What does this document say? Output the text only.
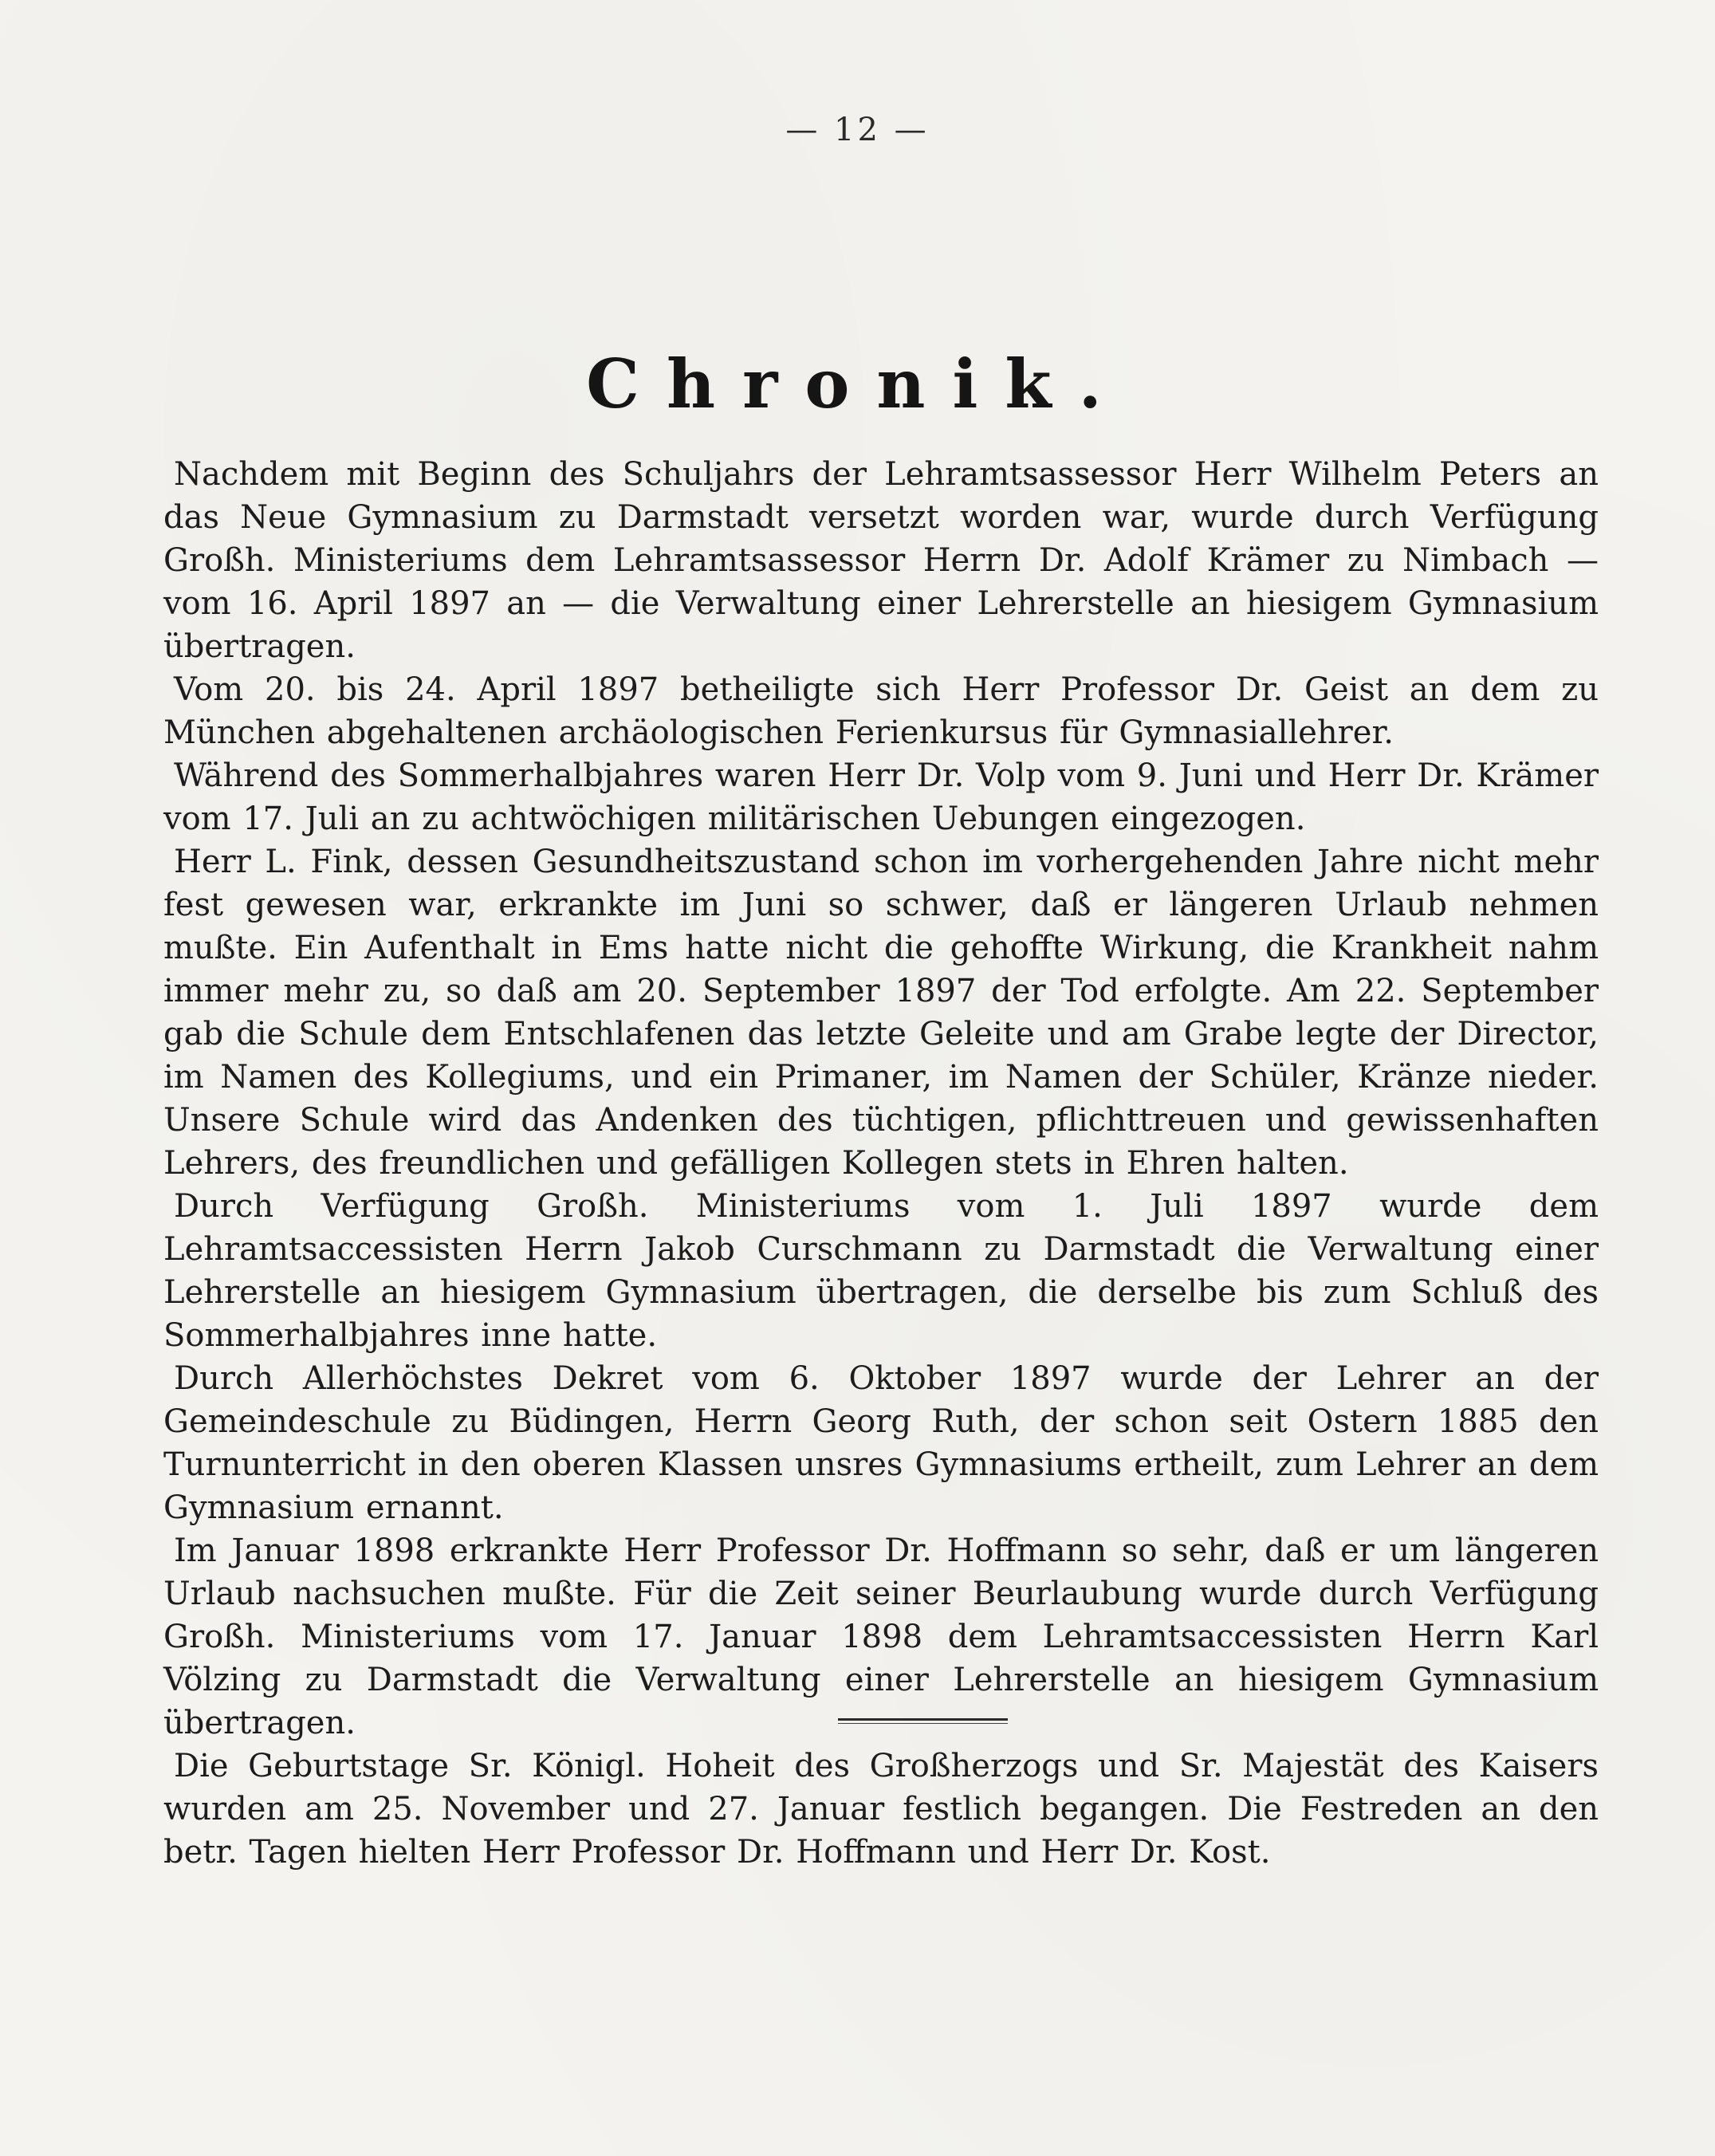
— 12 —
Chronik.

Nachdem mit Beginn des Schuljahrs der Lehramtsassessor Herr Wilhelm Peters an das Neue Gymnasium zu Darmstadt versetzt worden war, wurde durch Verfügung Großh. Ministeriums dem Lehramtsassessor Herrn Dr. Adolf Krämer zu Nimbach — vom 16. April 1897 an — die Verwaltung einer Lehrerstelle an hiesigem Gymnasium übertragen.

Vom 20. bis 24. April 1897 betheiligte sich Herr Professor Dr. Geist an dem zu München abgehaltenen archäologischen Ferienkursus für Gymnasiallehrer.

Während des Sommerhalbjahres waren Herr Dr. Volp vom 9. Juni und Herr Dr. Krämer vom 17. Juli an zu achtwöchigen militärischen Uebungen eingezogen.

Herr L. Fink, dessen Gesundheitszustand schon im vorhergehenden Jahre nicht mehr fest gewesen war, erkrankte im Juni so schwer, daß er längeren Urlaub nehmen mußte. Ein Aufenthalt in Ems hatte nicht die gehoffte Wirkung, die Krankheit nahm immer mehr zu, so daß am 20. September 1897 der Tod erfolgte. Am 22. September gab die Schule dem Entschlafenen das letzte Geleite und am Grabe legte der Director, im Namen des Kollegiums, und ein Primaner, im Namen der Schüler, Kränze nieder. Unsere Schule wird das Andenken des tüchtigen, pflichttreuen und gewissenhaften Lehrers, des freundlichen und gefälligen Kollegen stets in Ehren halten.

Durch Verfügung Großh. Ministeriums vom 1. Juli 1897 wurde dem Lehramtsaccessisten Herrn Jakob Curschmann zu Darmstadt die Verwaltung einer Lehrerstelle an hiesigem Gymnasium übertragen, die derselbe bis zum Schluß des Sommerhalbjahres inne hatte.

Durch Allerhöchstes Dekret vom 6. Oktober 1897 wurde der Lehrer an der Gemeindeschule zu Büdingen, Herrn Georg Ruth, der schon seit Ostern 1885 den Turnunterricht in den oberen Klassen unsres Gymnasiums ertheilt, zum Lehrer an dem Gymnasium ernannt.

Im Januar 1898 erkrankte Herr Professor Dr. Hoffmann so sehr, daß er um längeren Urlaub nachsuchen mußte. Für die Zeit seiner Beurlaubung wurde durch Verfügung Großh. Ministeriums vom 17. Januar 1898 dem Lehramtsaccessisten Herrn Karl Völzing zu Darmstadt die Verwaltung einer Lehrerstelle an hiesigem Gymnasium übertragen.

Die Geburtstage Sr. Königl. Hoheit des Großherzogs und Sr. Majestät des Kaisers wurden am 25. November und 27. Januar festlich begangen. Die Festreden an den betr. Tagen hielten Herr Professor Dr. Hoffmann und Herr Dr. Kost.
